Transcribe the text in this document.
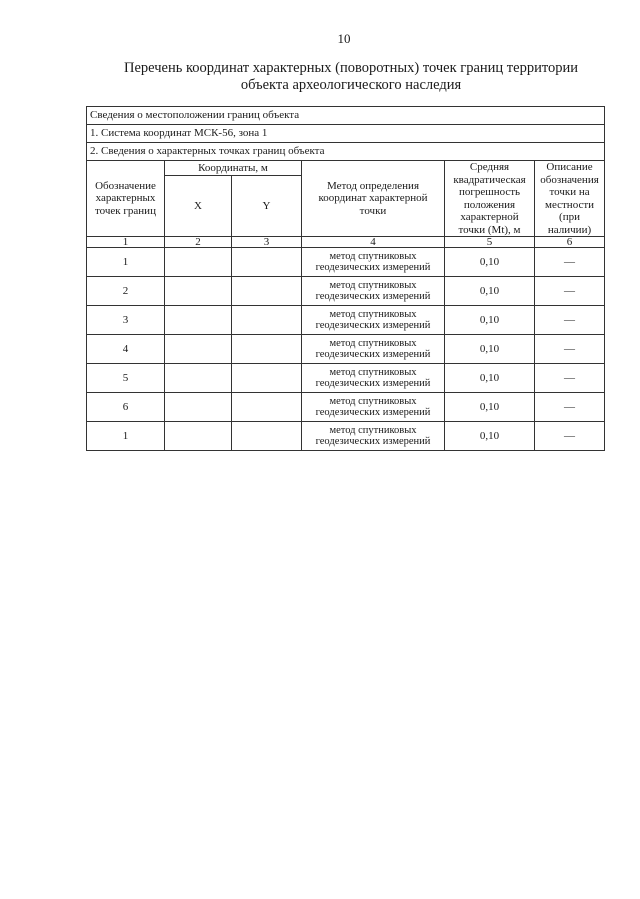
10
Перечень координат характерных (поворотных) точек границ территории
объекта археологического наследия
Сведения о местоположении границ объекта					
1. Система координат МСК-56, зона 1					
2. Сведения о характерных точках границ объекта					
Обозначение характерных точек границ	Координаты, м		Метод определения координат характерной точки	Средняя квадратическая погрешность положения характерной точки (Mt), м	Описание обозначения точки на местности (при наличии)
	X	Y			
1	2	3	4	5	6
1			метод спутниковых геодезических измерений	0,10	—
2			метод спутниковых геодезических измерений	0,10	—
3			метод спутниковых геодезических измерений	0,10	—
4			метод спутниковых геодезических измерений	0,10	—
5			метод спутниковых геодезических измерений	0,10	—
6			метод спутниковых геодезических измерений	0,10	—
1			метод спутниковых геодезических измерений	0,10	—
